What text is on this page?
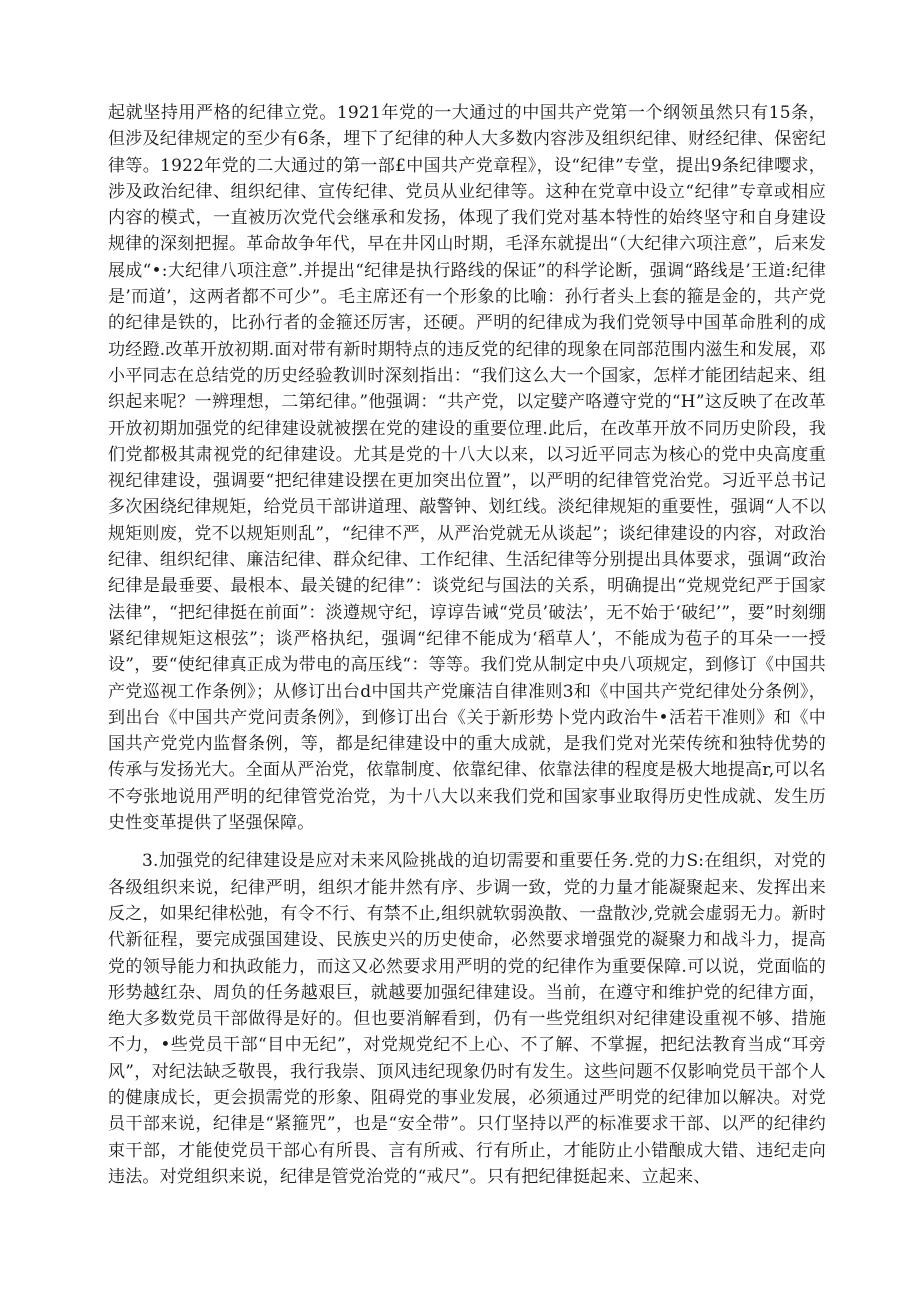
起就坚持用严格的纪律立党。1921年党的一大通过的中国共产党第一个纲领虽然只有15条，但涉及纪律规定的至少有6条，埋下了纪律的种人大多数内容涉及组织纪律、财经纪律、保密纪律等。1922年党的二大通过的第一部£中国共产党章程》，设“纪律”专堂，提出9条纪律嘤求，涉及政治纪律、组织纪律、宣传纪律、党员从业纪律等。这种在党章中设立“纪律”专章或相应内容的模式，一直被历次党代会继承和发扬，体现了我们党对基本特性的始终坚守和自身建设规律的深刻把握。革命故争年代，早在井冈山时期，毛泽东就提出“（大纪律六项注意”，后来发展成“•:大纪律八项注意”.并提出“纪律是执行路线的保证”的科学论断，强调“路线是’王道:纪律是’而道’，这两者都不可少”。毛主席还有一个形象的比喻：孙行者头上套的箍是金的，共产党的纪律是铁的，比孙行者的金箍还厉害，还硬。严明的纪律成为我们党领导中国革命胜利的成功经蹬.改革开放初期.面对带有新时期特点的违反党的纪律的现象在同部范围内滋生和发展，邓小平同志在总结党的历史经验教训时深刻指出：“我们这么大一个国家，怎样才能团结起来、组织起来呢？一辨理想，二第纪律。”他强调：“共产党，以定嬖产咯遵守党的“H”这反映了在改革开放初期加强党的纪律建设就被摆在党的建设的重要位理.此后，在改革开放不同历史阶段，我们党都极其肃视党的纪律建设。尤其是党的十八大以来，以习近平同志为核心的党中央高度重视纪律建设，强调要“把纪律建设摆在更加突出位置”，以严明的纪律管党治党。习近平总书记多次困绕纪律规矩，给党员干部讲道理、敲警钟、划红线。淡纪律规矩的重要性，强调“人不以规矩则废，党不以规矩则乱”，“纪律不严，从严治党就无从谈起”；谈纪律建设的内容，对政治纪律、组织纪律、廉洁纪律、群众纪律、工作纪律、生活纪律等分别提出具体要求，强调“政治纪律是最垂要、最根本、最关键的纪律”：谈党纪与国法的关系，明确提出“党规党纪严于国家法律”，“把纪律挺在前面”：淡遵规守纪，谆谆告诫“党员’破法’，无不始于‘破纪’”，要”时刻绷紧纪律规矩这根弦”；谈严格执纪，强调“纪律不能成为‘稻草人’，不能成为苞子的耳朵一一授设”，要“使纪律真正成为带电的高压线“：等等。我们党从制定中央八项规定，到修订《中国共产党巡视工作条例》；从修订出台d中国共产党廉洁自律准则3和《中国共产党纪律处分条例》，到出台《中国共产党问责条例》，到修订出台《关于新形势卜党内政治牛•活若干准则》和《中国共产党党内监督条例，等，都是纪律建设中的重大成就，是我们党对光荣传统和独特优势的传承与发扬光大。全面从严治党，依靠制度、依靠纪律、依靠法律的程度是极大地提高r,可以名不夸张地说用严明的纪律管党治党，为十八大以来我们党和国家事业取得历史性成就、发生历史性变革提供了坚强保障。

3.加强党的纪律建设是应对未来风险挑战的迫切需要和重要任务.党的力S:在组织，对党的各级组织来说，纪律严明，组织才能井然有序、步调一致，党的力量才能凝聚起来、发挥出来 反之，如果纪律松弛，有令不行、有禁不止,组织就软弱涣散、一盘散沙,党就会虚弱无力。新时代新征程，要完成强国建设、民族史兴的历史使命，必然要求增强党的凝聚力和战斗力，提高党的领导能力和执政能力，而这又必然要求用严明的党的纪律作为重要保障.可以说，党面临的形势越红杂、周负的任务越艰巨，就越要加强纪律建设。当前，在遵守和维护党的纪律方面，绝大多数党员干部做得是好的。但也要消解看到，仍有一些党组织对纪律建设重视不够、措施不力，•些党员干部“目中无纪”，对党规党纪不上心、不了解、不掌握，把纪法教育当成“耳旁风”，对纪法缺乏敬畏，我行我崇、顶风违纪现象仍时有发生。这些问题不仅影响党员干部个人的健康成长，更会损需党的形象、阻碍党的事业发展，必须通过严明党的纪律加以解决。对党员干部来说，纪律是“紧箍咒”，也是“安全带”。只仃坚持以严的标准要求干部、以严的纪律约束干部，才能使党员干部心有所畏、言有所戒、行有所止，才能防止小错酿成大错、违纪走向违法。对党组织来说，纪律是管党治党的“戒尺”。只有把纪律挺起来、立起来、
